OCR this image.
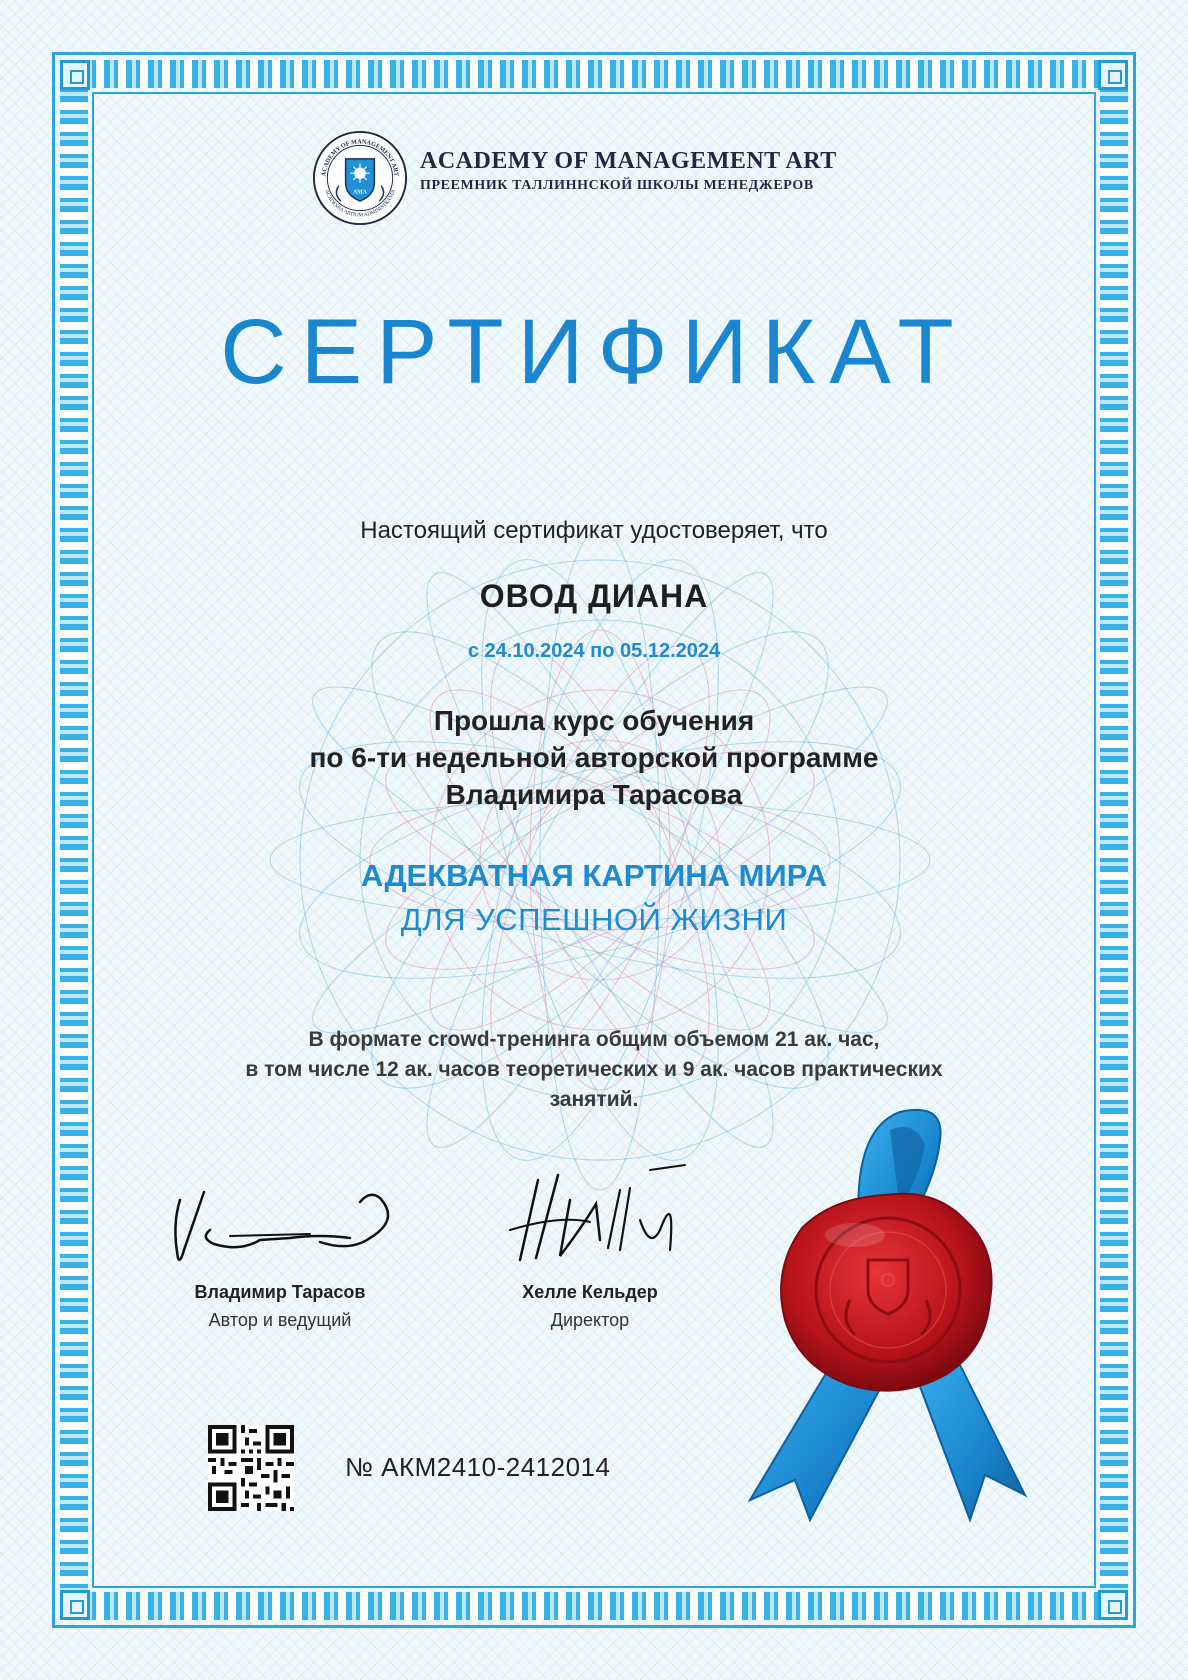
ACADEMY OF MANAGEMENT ART
ACADEMIA ARTIUM ADMINISTRANDI
AMA
ACADEMY OF MANAGEMENT ART
ПРЕЕМНИК ТАЛЛИННСКОЙ ШКОЛЫ МЕНЕДЖЕРОВ
СЕРТИФИКАТ
Настоящий сертификат удостоверяет, что
ОВОД ДИАНА
с 24.10.2024 по 05.12.2024
Прошла курс обучения
по 6-ти недельной авторской программе
Владимира Тарасова
АДЕКВАТНАЯ КАРТИНА МИРА
ДЛЯ УСПЕШНОЙ ЖИЗНИ
В формате crowd-тренинга общим объемом 21 ак. час,
в том числе 12 ак. часов теоретических и 9 ак. часов практических
занятий.
Владимир Тарасов
Автор и ведущий
Хелле Кельдер
Директор
№ АКМ2410-2412014
